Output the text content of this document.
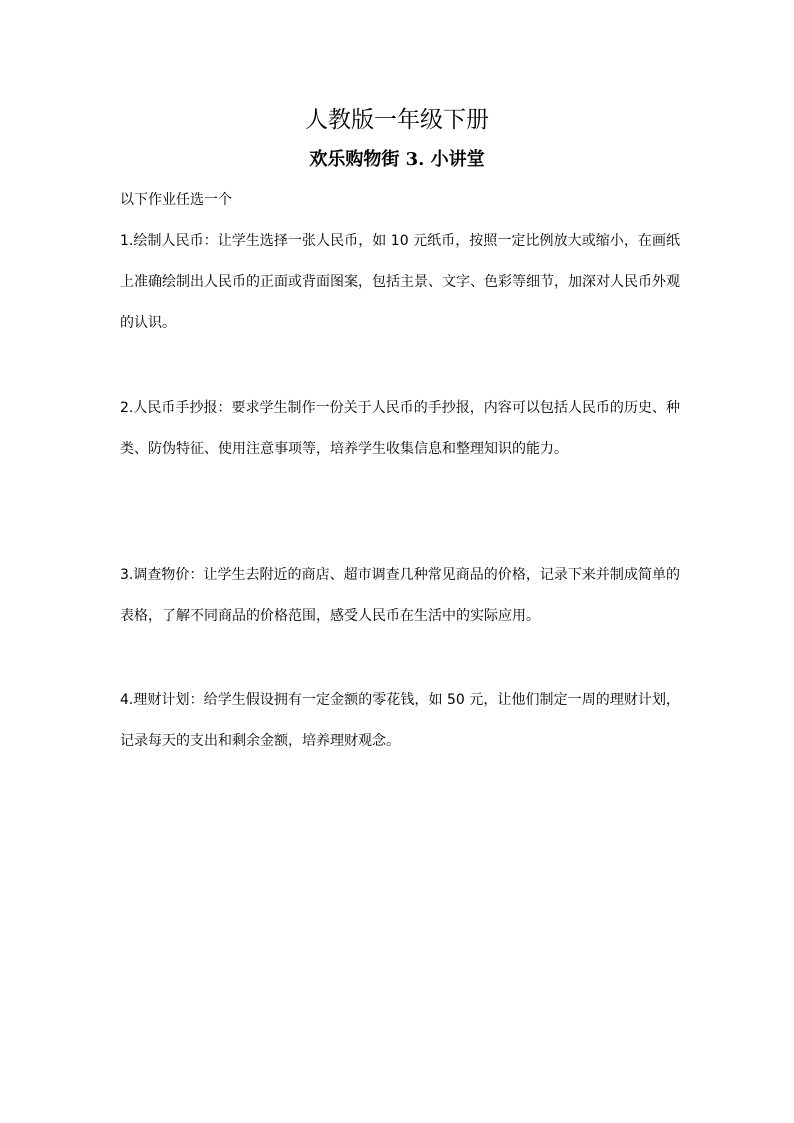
人教版一年级下册
欢乐购物街 3. 小讲堂
以下作业任选一个
1.绘制人民币：让学生选择一张人民币，如 10 元纸币，按照一定比例放大或缩小，在画纸上准确绘制出人民币的正面或背面图案，包括主景、文字、色彩等细节，加深对人民币外观的认识。
2.人民币手抄报：要求学生制作一份关于人民币的手抄报，内容可以包括人民币的历史、种类、防伪特征、使用注意事项等，培养学生收集信息和整理知识的能力。
3.调查物价：让学生去附近的商店、超市调查几种常见商品的价格，记录下来并制成简单的表格，了解不同商品的价格范围，感受人民币在生活中的实际应用。
4.理财计划：给学生假设拥有一定金额的零花钱，如 50 元，让他们制定一周的理财计划，记录每天的支出和剩余金额，培养理财观念。
